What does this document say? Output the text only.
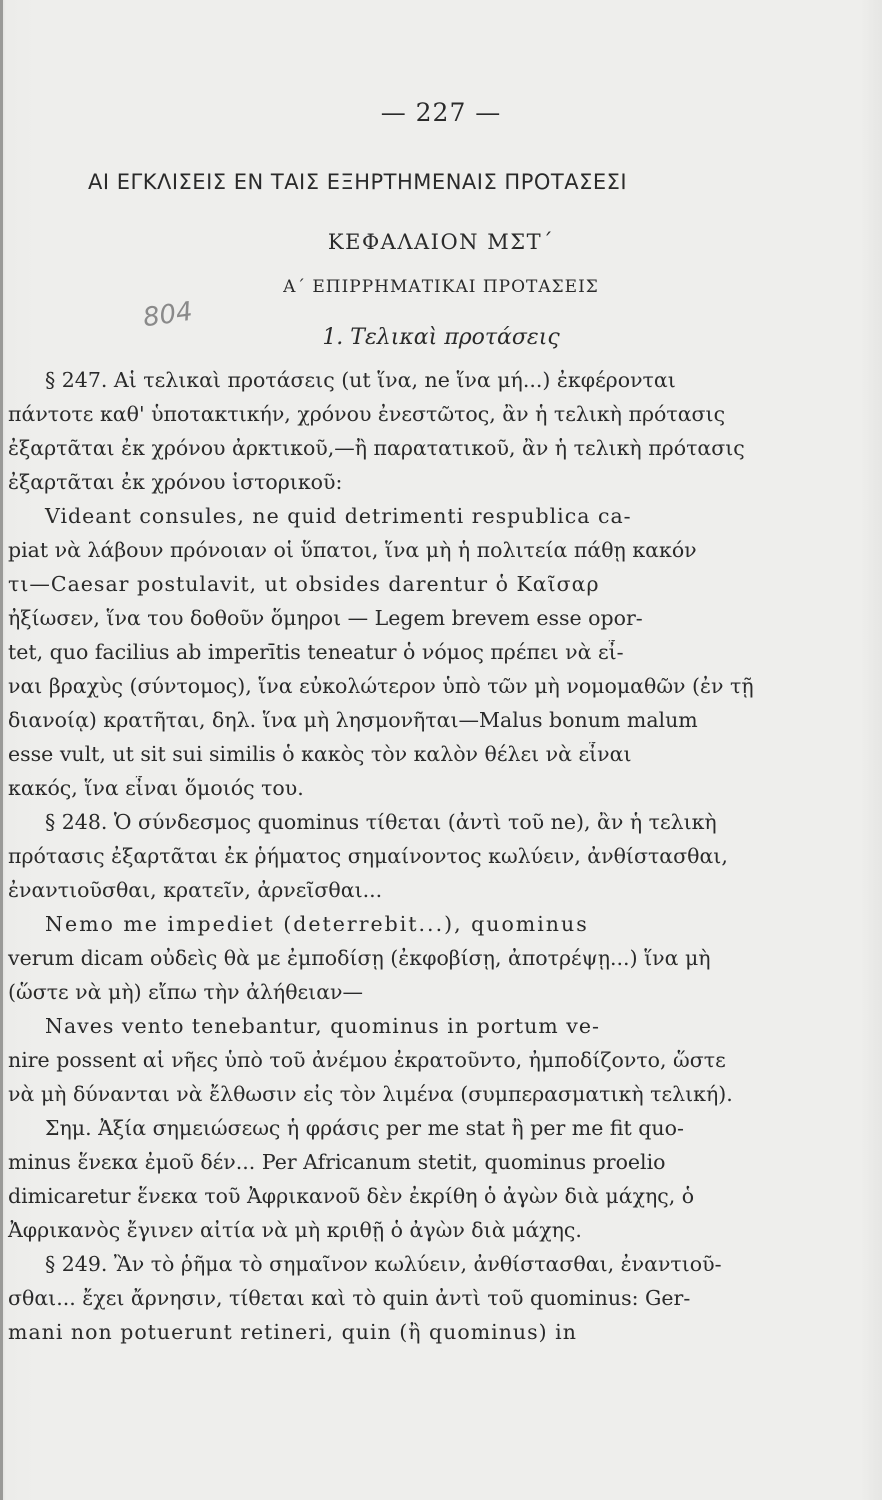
— 227 —
ΑΙ ΕΓΚΛΙΣΕΙΣ ΕΝ ΤΑΙΣ ΕΞΗΡΤΗΜΕΝΑΙΣ ΠΡΟΤΑΣΕΣΙ
ΚΕΦΑΛΑΙΟΝ ΜΣΤ΄
Α΄ ΕΠΙΡΡΗΜΑΤΙΚΑΙ ΠΡΟΤΑΣΕΙΣ
804
1. Τελικαὶ προτάσεις
§ 247. Αἱ τελικαὶ προτάσεις (ut ἵνα, ne ἵνα μή...) ἐκφέρονται
πάντοτε καθ' ὑποτακτικήν, χρόνου ἐνεστῶτος, ἂν ἡ τελικὴ πρότασις
ἐξαρτᾶται ἐκ χρόνου ἀρκτικοῦ,—ἢ παρατατικοῦ, ἂν ἡ τελικὴ πρότασις
ἐξαρτᾶται ἐκ χρόνου ἱστορικοῦ:
Videant consules, ne quid detrimenti respublica ca-
piat νὰ λάβουν πρόνοιαν οἱ ὕπατοι, ἵνα μὴ ἡ πολιτεία πάθῃ κακόν
τι—Caesar postulavit, ut obsides darentur ὁ Καῖσαρ
ἠξίωσεν, ἵνα του δοθοῦν ὅμηροι — Legem brevem esse opor-
tet, quo facilius ab imperītis teneatur ὁ νόμος πρέπει νὰ εἶ-
ναι βραχὺς (σύντομος), ἵνα εὐκολώτερον ὑπὸ τῶν μὴ νομομαθῶν (ἐν τῇ
διανοίᾳ) κρατῆται, δηλ. ἵνα μὴ λησμονῆται—Malus bonum malum
esse vult, ut sit sui similis ὁ κακὸς τὸν καλὸν θέλει νὰ εἶναι
κακός, ἵνα εἶναι ὅμοιός του.
§ 248. Ὁ σύνδεσμος quominus τίθεται (ἀντὶ τοῦ ne), ἂν ἡ τελικὴ
πρότασις ἐξαρτᾶται ἐκ ῥήματος σημαίνοντος κωλύειν, ἀνθίστασθαι,
ἐναντιοῦσθαι, κρατεῖν, ἀρνεῖσθαι...
Nemo me impediet (deterrebit...), quominus
verum dicam οὐδεὶς θὰ με ἐμποδίσῃ (ἐκφοβίσῃ, ἀποτρέψῃ...) ἵνα μὴ
(ὥστε νὰ μὴ) εἴπω τὴν ἀλήθειαν—
Naves vento tenebantur, quominus in portum ve-
nire possent αἱ νῆες ὑπὸ τοῦ ἀνέμου ἐκρατοῦντο, ἠμποδίζοντο, ὥστε
νὰ μὴ δύνανται νὰ ἔλθωσιν εἰς τὸν λιμένα (συμπερασματικὴ τελική).
Σημ. Ἀξία σημειώσεως ἡ φράσις per me stat ἢ per me fit quo-
minus ἕνεκα ἐμοῦ δέν... Per Africanum stetit, quominus proelio
dimicaretur ἕνεκα τοῦ Ἀφρικανοῦ δὲν ἐκρίθη ὁ ἀγὼν διὰ μάχης, ὁ
Ἀφρικανὸς ἔγινεν αἰτία νὰ μὴ κριθῇ ὁ ἀγὼν διὰ μάχης.
§ 249. Ἂν τὸ ῥῆμα τὸ σημαῖνον κωλύειν, ἀνθίστασθαι, ἐναντιοῦ-
σθαι... ἔχει ἄρνησιν, τίθεται καὶ τὸ quin ἀντὶ τοῦ quominus: Ger-
mani non potuerunt retineri, quin (ἢ quominus) in
